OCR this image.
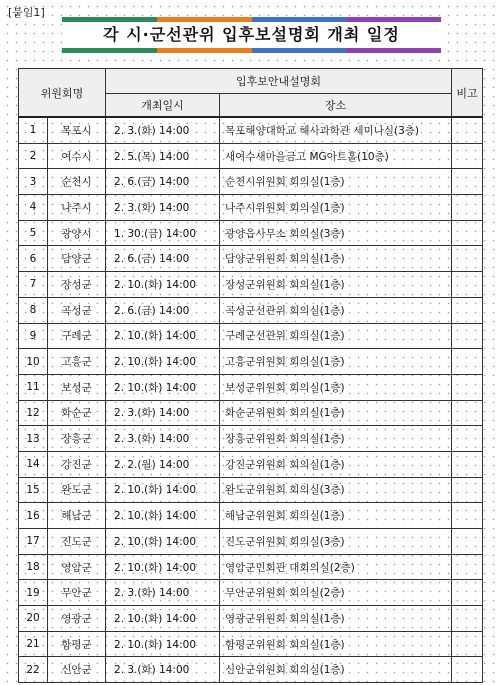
[붙임1]
각 시·군선관위 입후보설명회 개최 일정
위원회명		입후보안내설명회		비고
		개최일시	장소	
1	목포시	2. 3.(화) 14:00	목포해양대학교 해사과학관 세미나실(3층)	
2	여수시	2. 5.(목) 14:00	새여수새마을금고 MG아트홀(10층)	
3	순천시	2. 6.(금) 14:00	순천시위원회 회의실(1층)	
4	나주시	2. 3.(화) 14:00	나주시위원회 회의실(1층)	
5	광양시	1. 30.(금) 14:00	광양읍사무소 회의실(3층)	
6	담양군	2. 6.(금) 14:00	담양군위원회 회의실(1층)	
7	장성군	2. 10.(화) 14:00	장성군위원회 회의실(1층)	
8	곡성군	2. 6.(금) 14:00	곡성군선관위 회의실(1층)	
9	구례군	2. 10.(화) 14:00	구례군선관위 회의실(1층)	
10	고흥군	2. 10.(화) 14:00	고흥군위원회 회의실(1층)	
11	보성군	2. 10.(화) 14:00	보성군위원회 회의실(1층)	
12	화순군	2. 3.(화) 14:00	화순군위원회 회의실(1층)	
13	장흥군	2. 3.(화) 14:00	장흥군위원회 회의실(1층)	
14	강진군	2. 2.(월) 14:00	강진군위원회 회의실(1층)	
15	완도군	2. 10.(화) 14:00	완도군위원회 회의실(3층)	
16	해남군	2. 10.(화) 14:00	해남군위원회 회의실(1층)	
17	진도군	2. 10.(화) 14:00	진도군위원회 회의실(3층)	
18	영암군	2. 10.(화) 14:00	영암군민회관 대회의실(2층)	
19	무안군	2. 3.(화) 14:00	무안군위원회 회의실(2층)	
20	영광군	2. 10.(화) 14:00	영광군위원회 회의실(1층)	
21	함평군	2. 10.(화) 14:00	함평군위원회 회의실(1층)	
22	신안군	2. 3.(화) 14:00	신안군위원회 회의실(1층)	
